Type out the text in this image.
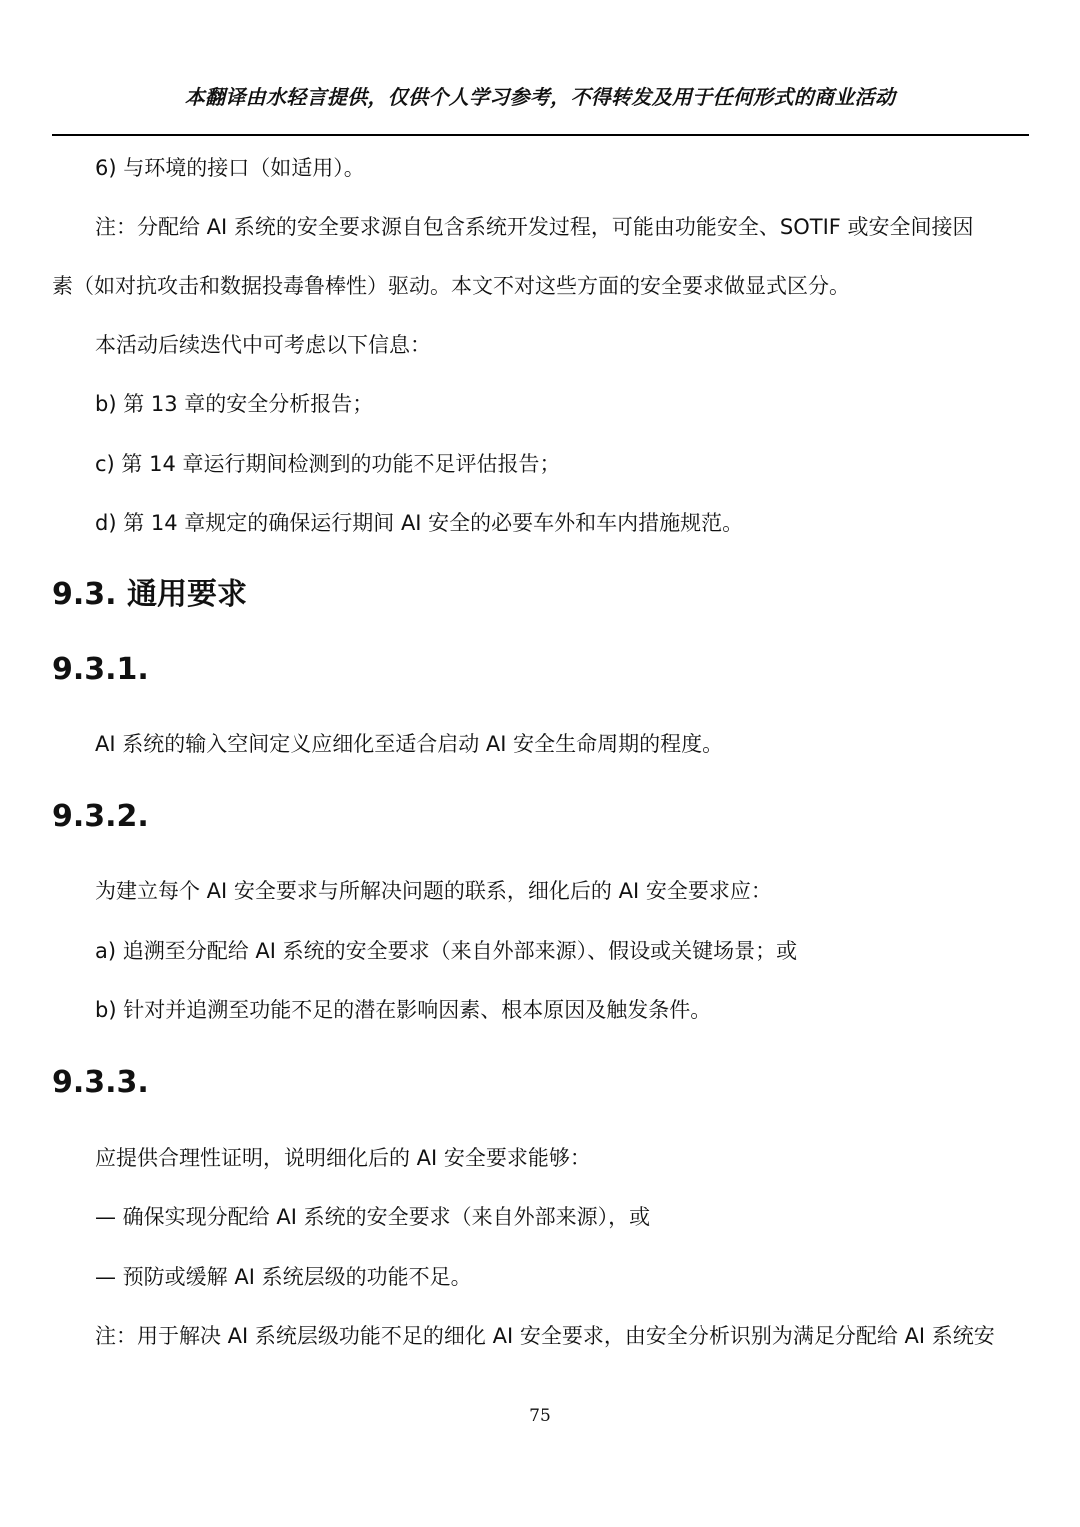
本翻译由水轻言提供，仅供个人学习参考，不得转发及用于任何形式的商业活动
6) 与环境的接口（如适用）。
注：分配给 AI 系统的安全要求源自包含系统开发过程，可能由功能安全、SOTIF 或安全间接因
素（如对抗攻击和数据投毒鲁棒性）驱动。本文不对这些方面的安全要求做显式区分。
本活动后续迭代中可考虑以下信息：
b) 第 13 章的安全分析报告；
c) 第 14 章运行期间检测到的功能不足评估报告；
d) 第 14 章规定的确保运行期间 AI 安全的必要车外和车内措施规范。
9.3. 通用要求
9.3.1.
AI 系统的输入空间定义应细化至适合启动 AI 安全生命周期的程度。
9.3.2.
为建立每个 AI 安全要求与所解决问题的联系，细化后的 AI 安全要求应：
a) 追溯至分配给 AI 系统的安全要求（来自外部来源）、假设或关键场景；或
b) 针对并追溯至功能不足的潜在影响因素、根本原因及触发条件。
9.3.3.
应提供合理性证明，说明细化后的 AI 安全要求能够：
— 确保实现分配给 AI 系统的安全要求（来自外部来源），或
— 预防或缓解 AI 系统层级的功能不足。
注：用于解决 AI 系统层级功能不足的细化 AI 安全要求，由安全分析识别为满足分配给 AI 系统安
75
